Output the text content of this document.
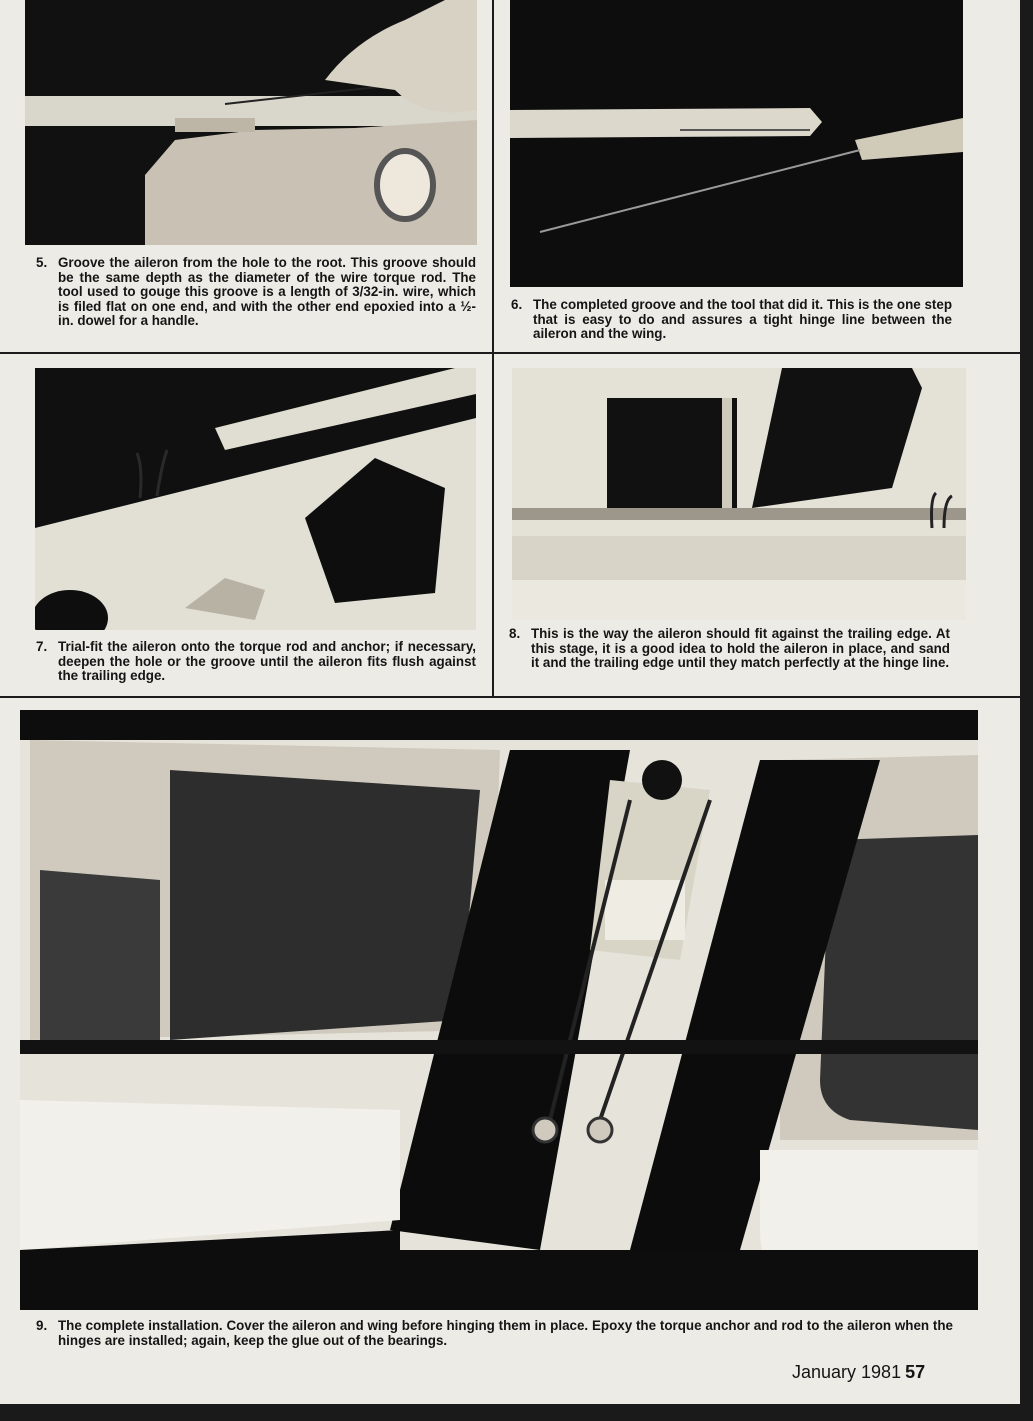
5. Groove the aileron from the hole to the root. This groove should be the same depth as the diameter of the wire torque rod. The tool used to gouge this groove is a length of 3/32-in. wire, which is filed flat on one end, and with the other end epoxied into a ½-in. dowel for a handle.
6. The completed groove and the tool that did it. This is the one step that is easy to do and assures a tight hinge line between the aileron and the wing.
7. Trial-fit the aileron onto the torque rod and anchor; if necessary, deepen the hole or the groove until the aileron fits flush against the trailing edge.
8. This is the way the aileron should fit against the trailing edge. At this stage, it is a good idea to hold the aileron in place, and sand it and the trailing edge until they match perfectly at the hinge line.
9. The complete installation. Cover the aileron and wing before hinging them in place. Epoxy the torque anchor and rod to the aileron when the hinges are installed; again, keep the glue out of the bearings.
January 1981 57
